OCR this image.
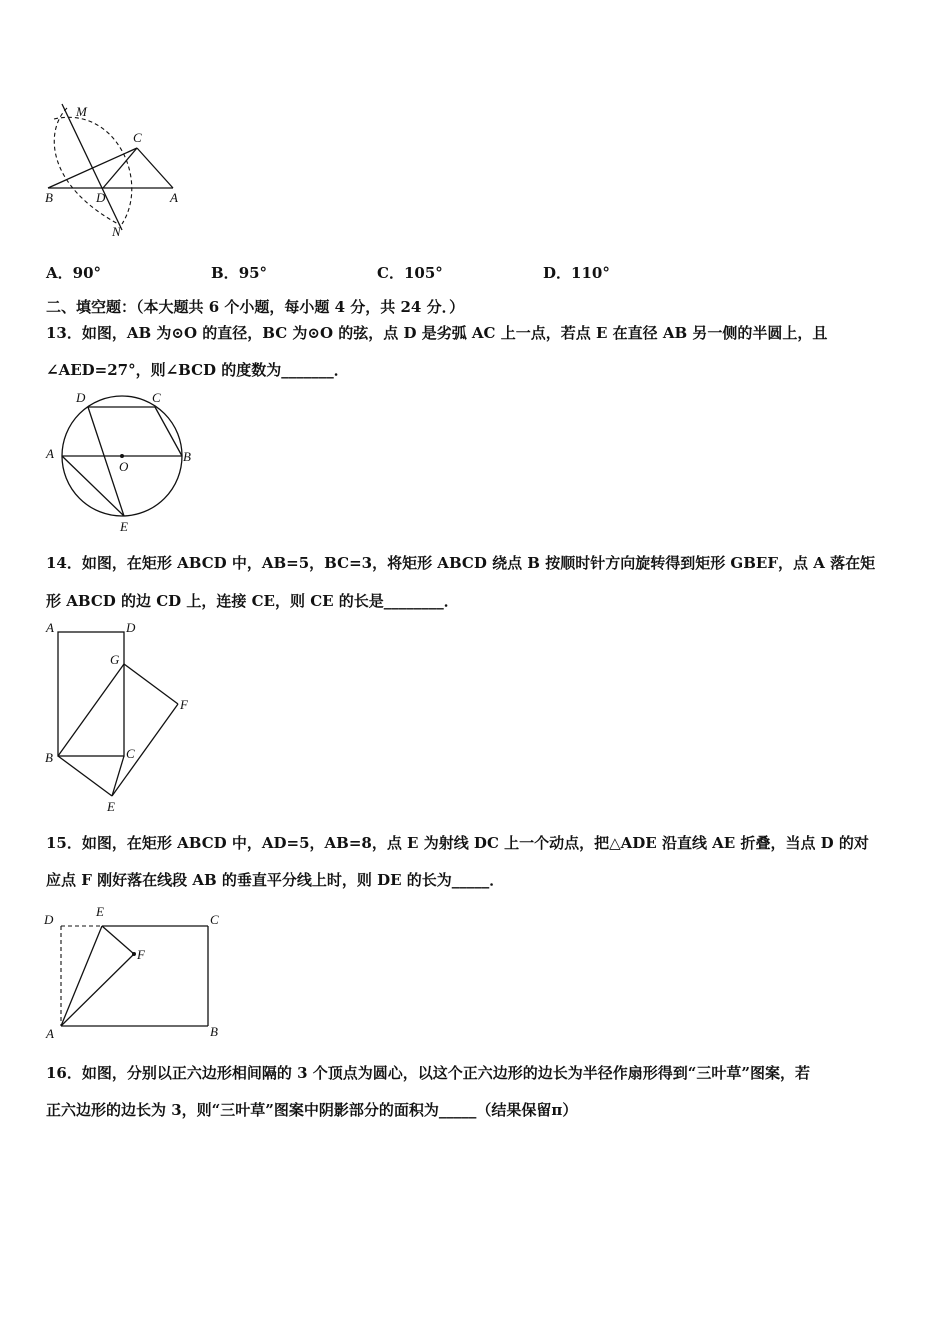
M
C
B	D	A
N
A．90°	B．95°	C．105°	D．110°
二、填空题：（本大题共 6 个小题，每小题 4 分，共 24 分．）
13．如图，AB 为⊙O 的直径，BC 为⊙O 的弦，点 D 是劣弧 AC 上一点，若点 E 在直径 AB 另一侧的半圆上，且
∠AED=27°，则∠BCD 的度数为_______．
D	C
A
O
B
E
14．如图，在矩形 ABCD 中，AB=5，BC=3，将矩形 ABCD 绕点 B 按顺时针方向旋转得到矩形 GBEF，点 A 落在矩
形 ABCD 的边 CD 上，连接 CE，则 CE 的长是________．
A	D
G
F
B	C
E
15．如图，在矩形 ABCD 中，AD=5，AB=8，点 E 为射线 DC 上一个动点，把△ADE 沿直线 AE 折叠，当点 D 的对
应点 F 刚好落在线段 AB 的垂直平分线上时，则 DE 的长为_____．
D
E
C
F
A	B
16．如图，分别以正六边形相间隔的 3 个顶点为圆心，以这个正六边形的边长为半径作扇形得到“三叶草”图案，若
正六边形的边长为 3，则“三叶草”图案中阴影部分的面积为_____（结果保留π）
